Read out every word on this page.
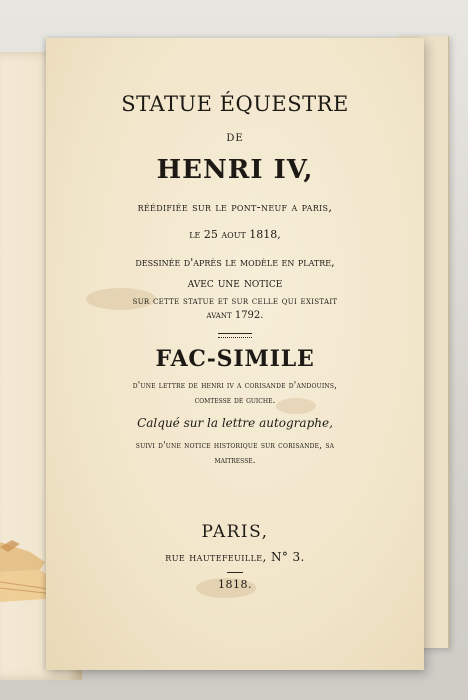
STATUE ÉQUESTRE
DE
HENRI IV,
réédifiée sur le pont-neuf a paris,
le 25 aout 1818,
dessinée d'après le modèle en platre,
avec une notice
sur cette statue et sur celle qui existait
avant 1792.
FAC-SIMILE
d'une lettre de henri iv a corisande d'andouins,
comtesse de guiche.
Calqué sur la lettre autographe,
suivi d'une notice historique sur corisande, sa
maitresse.
PARIS,
rue hautefeuille, N° 3.
1818.
